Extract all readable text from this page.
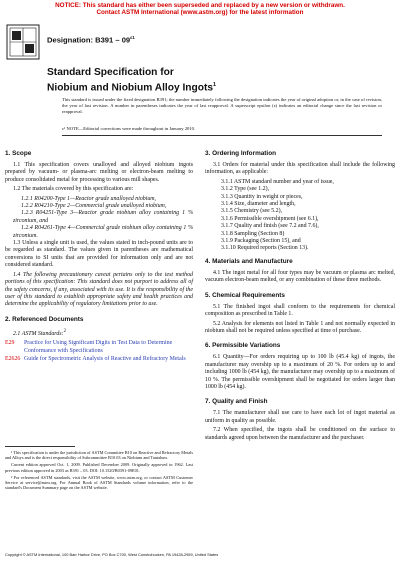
NOTICE: This standard has either been superseded and replaced by a new version or withdrawn.
Contact ASTM International (www.astm.org) for the latest information
Designation: $B391 - 09^{\varepsilon 1}$
Standard Specification for
Niobium and Niobium Alloy Ingots$^1$
This standard is issued under the fixed designation B391; the number immediately following the designation indicates the year of original adoption or, in the case of revision, the year of last revision. A number in parentheses indicates the year of last reapproval. A superscript epsilon (ε) indicates an editorial change since the last revision or reapproval.
ε¹ NOTE—Editorial corrections were made throughout in January 2010.
1. Scope

1.1 This specification covers unalloyed and alloyed niobium ingots prepared by vacuum- or plasma-arc melting or electron-beam melting to produce consolidated metal for processing to various mill shapes.

1.2 The materials covered by this specification are:

1.2.1 R04200-Type 1—Reactor grade unalloyed niobium,

1.2.2 R04210-Type 2—Commercial grade unalloyed niobium,

1.2.3 R04251-Type 3—Reactor grade niobium alloy containing 1 % zirconium, and

1.2.4 R04261-Type 4—Commercial grade niobium alloy containing 1 % zirconium.

1.3 Unless a single unit is used, the values stated in inch-pound units are to be regarded as standard. The values given in parentheses are mathematical conversions to SI units that are provided for information only and are not considered standard.

1.4 The following precautionary caveat pertains only to the test method portions of this specification: This standard does not purport to address all of the safety concerns, if any, associated with its use. It is the responsibility of the user of this standard to establish appropriate safety and health practices and determine the applicability of regulatory limitations prior to use.

2. Referenced Documents

2.1 ASTM Standards:$^2$

E29	Practice for Using Significant Digits in Test Data to Determine Conformance with Specifications
E2626 Guide for Spectrometric Analysis of Reactive and Refractory Metals

¹ This specification is under the jurisdiction of ASTM Committee B10 on Reactive and Refractory Metals and Alloys and is the direct responsibility of Subcommittee B10.03 on Niobium and Tantalum.

Current edition approved Oct. 1, 2009. Published December 2009. Originally approved in 1962. Last previous edition approved in 2003 as B391 – 03. DOI: 10.1520/B0391-09E01.

² For referenced ASTM standards, visit the ASTM website, www.astm.org, or contact ASTM Customer Service at service@astm.org. For Annual Book of ASTM Standards volume information, refer to the standard's Document Summary page on the ASTM website.

3. Ordering Information

3.1 Orders for material under this specification shall include the following information, as applicable:

3.1.1 ASTM standard number and year of issue,

3.1.2 Type (see 1.2),

3.1.3 Quantity in weight or pieces,

3.1.4 Size, diameter and length,

3.1.5 Chemistry (see 5.2),

3.1.6 Permissible overshipment (see 6.1),

3.1.7 Quality and finish (see 7.2 and 7.6),

3.1.8 Sampling (Section 8)

3.1.9 Packaging (Section 15), and

3.1.10 Required reports (Section 13).

4. Materials and Manufacture

4.1 The ingot metal for all four types may be vacuum or plasma arc melted, vacuum electron-beam melted, or any combination of these three methods.

5. Chemical Requirements

5.1 The finished ingot shall conform to the requirements for chemical composition as prescribed in Table 1.

5.2 Analysis for elements not listed in Table 1 and not normally expected in niobium shall not be required unless specified at time of purchase.

6. Permissible Variations

6.1 Quantity—For orders requiring up to 100 lb (45.4 kg) of ingots, the manufacturer may overship up to a maximum of 20 %. For orders up to and including 1000 lb (454 kg), the manufacturer may overship up to a maximum of 10 %. The permissible overshipment shall be negotiated for orders larger than 1000 lb (454 kg).

7. Quality and Finish

7.1 The manufacturer shall use care to have each lot of ingot material as uniform in quality as possible.

7.2 When specified, the ingots shall be conditioned on the surface to standards agreed upon between the manufacturer and the purchaser.

Copyright © ASTM International, 100 Barr Harbor Drive, PO Box C700, West Conshohocken, PA 19428-2959, United States
